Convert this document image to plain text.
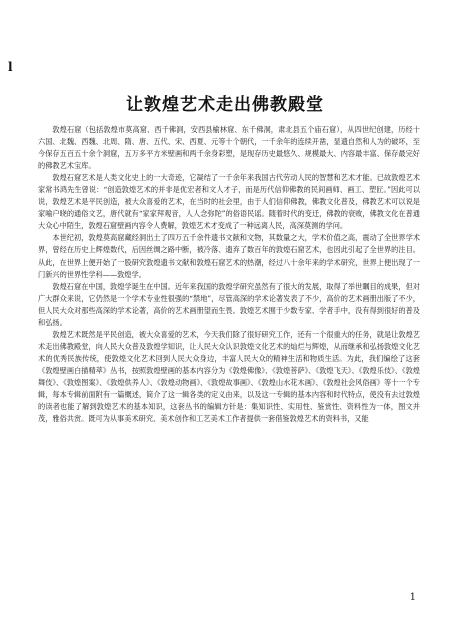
l
让敦煌艺术走出佛教殿堂

敦煌石窟（包括敦煌市莫高窟、西千佛洞，安西县榆林窟、东千佛洞，肃北县五个庙石窟），从四世纪创建，历经十六国、北魏、西魏、北周、隋、唐、五代、宋、西夏、元等十个朝代，一千余年的连续开凿，显遗自然和人为的破坏，至今保存五百五十余个洞窟，五万多平方米壁画和两千余身彩塑，是现存历史最悠久、规模最大、内容最丰富、保存最完好的佛教艺术宝库。

敦煌石窟艺术是人类文化史上的一大奇迹，它凝结了一千余年来我国古代劳动人民的智慧和艺术才能。已故敦煌艺术家常书鸿先生曾说：“创造敦煌艺术的并非是优宏者和文人才子，而是历代信仰佛教的民间画师、画工、塑匠。”因此可以说，敦煌艺术是平民创造，被大众喜爱的艺术，在当时的社会里，由于人们信仰佛教，佛教文化普及，佛教艺术可以说是家喻户晓的通俗文艺，唐代就有“家家拜观音，人人念弥陀”的俗语民谣。随着时代的变迁，佛教的衰败，佛教文化在普通大众心中陌生，敦煌石窟壁画内容令人费解，敦煌艺术才变成了一种远离人民，高深莫测的学问。

本世纪初，敦煌莫高窟藏经洞出土了四万五千余件遗书文献和文物，其数量之大，学术价值之高，震动了全世界学术界，曾经在历史上辉煌数代，后因丝绸之路中断，被冷落、遗弃了数百年的敦煌石窟艺术，也因此引起了全世界的注目。从此，在世界上便开始了一股研究敦煌遗书文献和敦煌石窟艺术的热潮，经过八十余年来的学术研究，世界上便出现了一门新兴的世界性学科——敦煌学。

敦煌石窟在中国，敦煌学诞生在中国。近年来我国的敦煌学研究虽然有了很大的发展，取得了举世瞩目的成果，但对广大群众来说，它仍然是一个学术专业性很强的“禁地”，尽管高深的学术论著发表了不少，高价的艺术画册出版了不少，但人民大众对那些高深的学术论著，高价的艺术画册望而生畏。敦煌艺术囿于少数专家、学者手中，没有得到很好的普及和弘扬。

敦煌艺术既然是平民创造，被大众喜爱的艺术，今天我们除了很好研究工作，还有一个很重大的任务，就是让敦煌艺术走出佛教殿堂，向人民大众普及敦煌学知识，让人民大众认识敦煌文化艺术的灿烂与辉煌，从而继承和弘扬敦煌文化艺术的优秀民族传统，使敦煌文化艺术回到人民大众身边，丰富人民大众的精神生活和物质生活。为此，我们编绘了这套《敦煌壁画白描精萃》丛书，按照敦煌壁画的基本内容分为《敦煌佛像》、《敦煌菩萨》、《敦煌飞天》、《敦煌乐伎》、《敦煌舞伎》、《敦煌图案》、《敦煌供养人》、《敦煌动物画》、《敦煌故事画》、《敦煌山水花木画》、《敦煌社会风俗画》等十一个专辑，每本专辑前面附有一篇概述，简介了这一辑各类的定义由来，以及这一专辑的基本内容和时代特点，使没有去过敦煌的读者也能了解到敦煌艺术的基本知识，这套丛书的编辑方针是：集知识性、实用性、鉴赏性、资料性为一体，图文并茂，雅俗共赏。既可为从事美术研究、美术创作和工艺美术工作者提供一套借鉴敦煌艺术的资料书，又能

1
